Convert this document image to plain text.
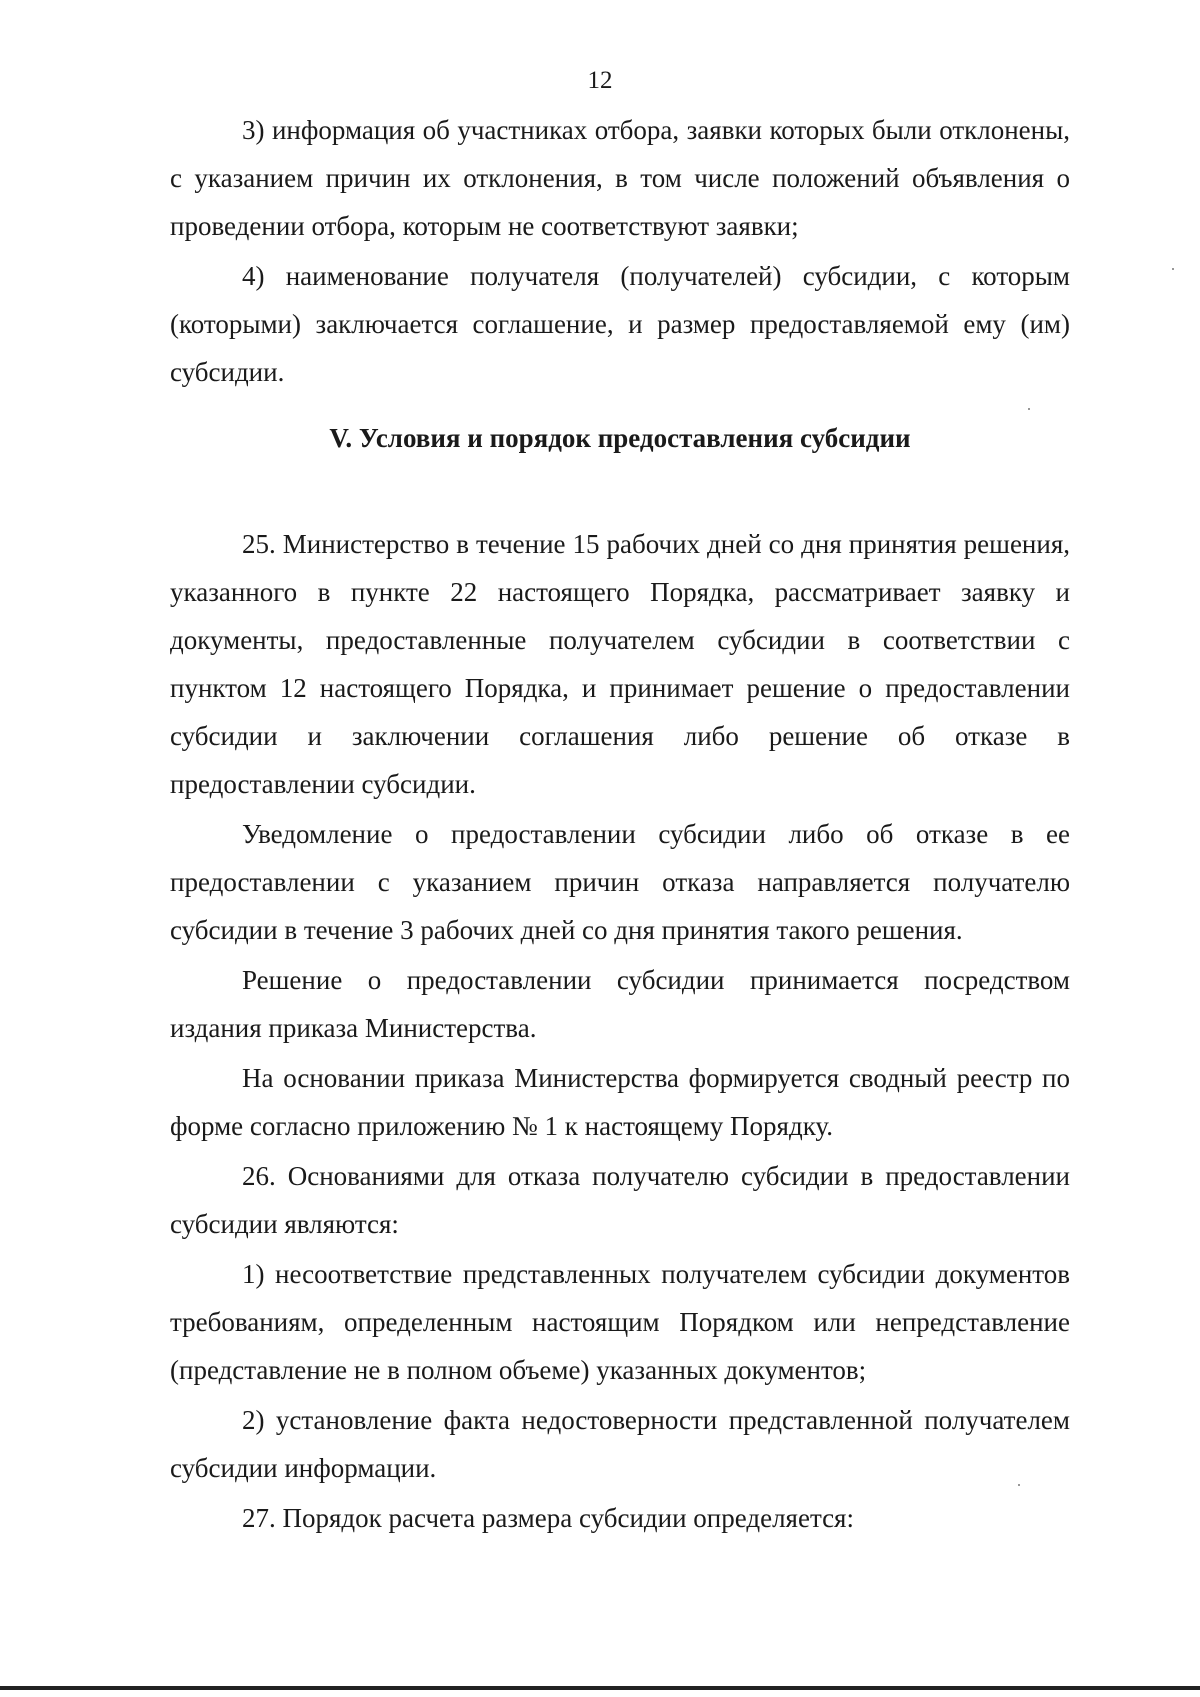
12

3) информация об участниках отбора, заявки которых были отклонены, с указанием причин их отклонения, в том числе положений объявления о проведении отбора, которым не соответствуют заявки;

4) наименование получателя (получателей) субсидии, с которым (которыми) заключается соглашение, и размер предоставляемой ему (им) субсидии.

V. Условия и порядок предоставления субсидии

25. Министерство в течение 15 рабочих дней со дня принятия решения, указанного в пункте 22 настоящего Порядка, рассматривает заявку и документы, предоставленные получателем субсидии в соответствии с пунктом 12 настоящего Порядка, и принимает решение о предоставлении субсидии и заключении соглашения либо решение об отказе в предоставлении субсидии.

Уведомление о предоставлении субсидии либо об отказе в ее предоставлении с указанием причин отказа направляется получателю субсидии в течение 3 рабочих дней со дня принятия такого решения.

Решение о предоставлении субсидии принимается посредством издания приказа Министерства.

На основании приказа Министерства формируется сводный реестр по форме согласно приложению № 1 к настоящему Порядку.

26. Основаниями для отказа получателю субсидии в предоставлении субсидии являются:

1) несоответствие представленных получателем субсидии документов требованиям, определенным настоящим Порядком или непредставление (представление не в полном объеме) указанных документов;

2) установление факта недостоверности представленной получателем субсидии информации.

27. Порядок расчета размера субсидии определяется:
